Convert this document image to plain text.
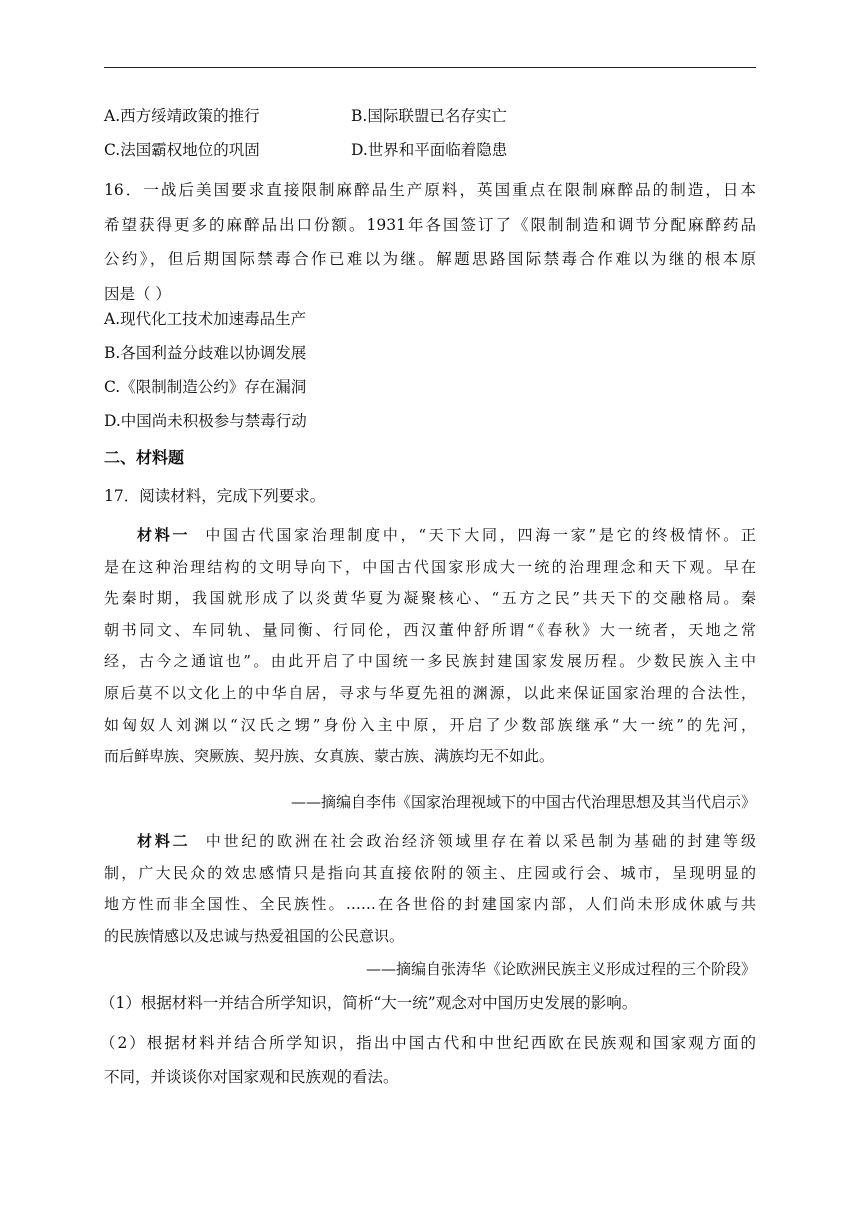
A.西方绥靖政策的推行	B.国际联盟已名存实亡
C.法国霸权地位的巩固	D.世界和平面临着隐患
16．一战后美国要求直接限制麻醉品生产原料，英国重点在限制麻醉品的制造，日本
希望获得更多的麻醉品出口份额。1931年各国签订了《限制制造和调节分配麻醉药品
公约》，但后期国际禁毒合作已难以为继。解题思路国际禁毒合作难以为继的根本原
因是（ ）
A.现代化工技术加速毒品生产
B.各国利益分歧难以协调发展
C.《限制制造公约》存在漏洞
D.中国尚未积极参与禁毒行动
二、材料题
17．阅读材料，完成下列要求。
材料一 中国古代国家治理制度中，“天下大同，四海一家”是它的终极情怀。正
是在这种治理结构的文明导向下，中国古代国家形成大一统的治理理念和天下观。早在
先秦时期，我国就形成了以炎黄华夏为凝聚核心、“五方之民”共天下的交融格局。秦
朝书同文、车同轨、量同衡、行同伦，西汉董仲舒所谓“《春秋》大一统者，天地之常
经，古今之通谊也”。由此开启了中国统一多民族封建国家发展历程。少数民族入主中
原后莫不以文化上的中华自居，寻求与华夏先祖的渊源，以此来保证国家治理的合法性，
如匈奴人刘渊以“汉氏之甥”身份入主中原，开启了少数部族继承“大一统”的先河，
而后鲜卑族、突厥族、契丹族、女真族、蒙古族、满族均无不如此。
——摘编自李伟《国家治理视域下的中国古代治理思想及其当代启示》
材料二 中世纪的欧洲在社会政治经济领域里存在着以采邑制为基础的封建等级
制，广大民众的效忠感情只是指向其直接依附的领主、庄园或行会、城市，呈现明显的
地方性而非全国性、全民族性。……在各世俗的封建国家内部，人们尚未形成休戚与共
的民族情感以及忠诚与热爱祖国的公民意识。
——摘编自张涛华《论欧洲民族主义形成过程的三个阶段》
（1）根据材料一并结合所学知识，简析“大一统”观念对中国历史发展的影响。
（2）根据材料并结合所学知识，指出中国古代和中世纪西欧在民族观和国家观方面的
不同，并谈谈你对国家观和民族观的看法。
